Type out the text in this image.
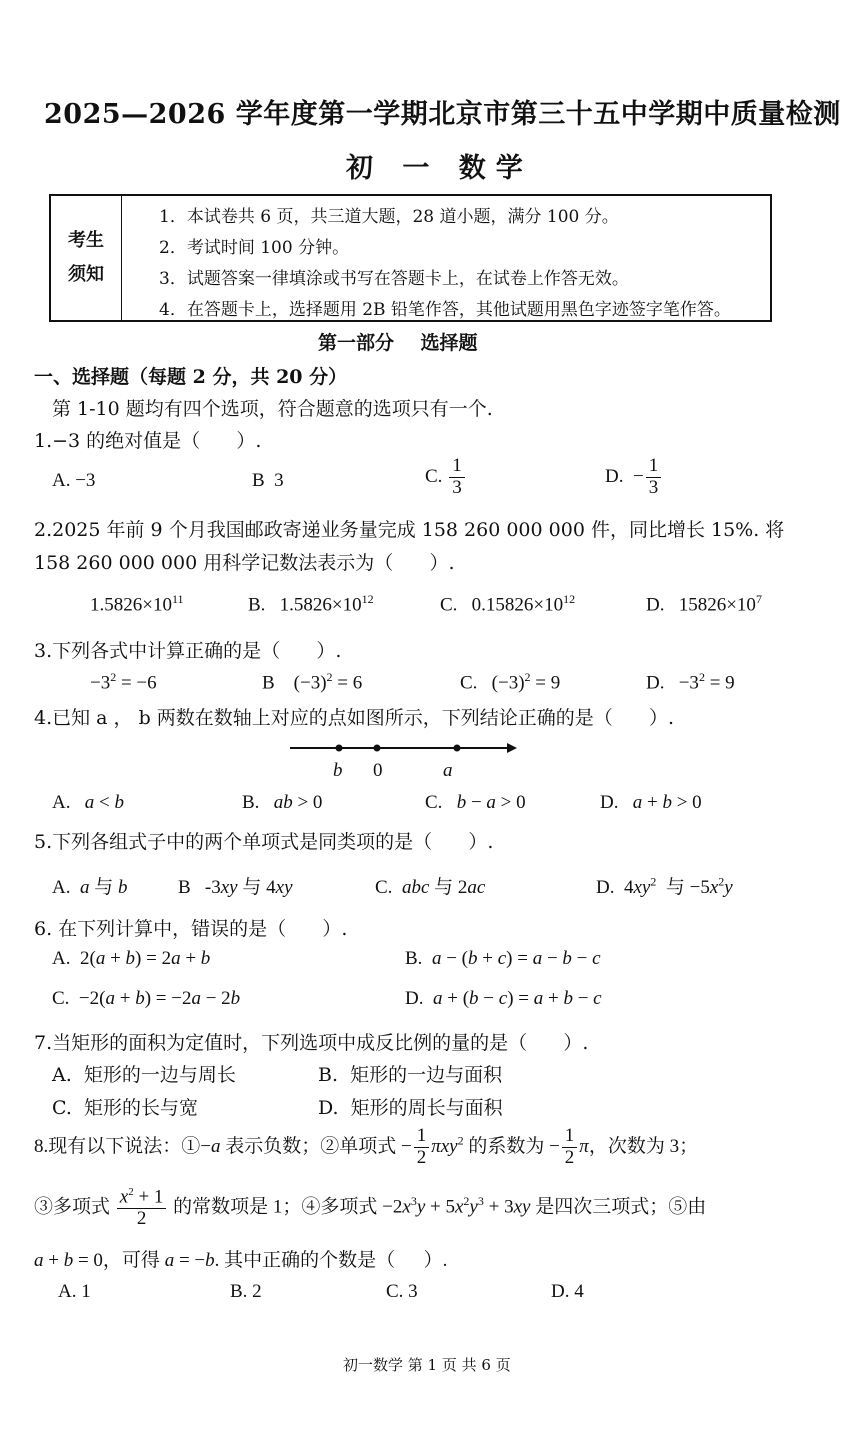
2025—2026 学年度第一学期北京市第三十五中学期中质量检测
初 一 数学
考生
须知
1．本试卷共 6 页，共三道大题，28 道小题，满分 100 分。
2．考试时间 100 分钟。
3．试题答案一律填涂或书写在答题卡上，在试卷上作答无效。
4．在答题卡上，选择题用 2B 铅笔作答，其他试题用黑色字迹签字笔作答。
第一部分    选择题
一、选择题（每题 2 分，共 20 分）
第 1-10 题均有四个选项，符合题意的选项只有一个.
1.−3 的绝对值是（      ）.
A. −3	B  3	C. $\frac{1}{3}$	D.  − $\frac{1}{3}$
2.2025 年前 9 个月我国邮政寄递业务量完成 158 260 000 000 件，同比增长 15%. 将
158 260 000 000 用科学记数法表示为（      ）.
$1.5826\times 10^{11}$	B.   $1.5826\times 10^{12}$	C.   $0.15826\times 10^{12}$	D.   $15826\times 10^7$
3.下列各式中计算正确的是（      ）.
$-3^2 = -6$	B    $(-3)^2 = 6$	C.   $(-3)^2 = 9$	D.   $-3^2 = 9$
4.已知 a ， b 两数在数轴上对应的点如图所示，下列结论正确的是（      ）.
b 0	a
A.   a < b	B.   ab > 0	C.   b − a > 0	D.   a + b > 0
5.下列各组式子中的两个单项式是同类项的是（      ）.
A.  a 与 b	B   -3xy 与 4xy	C.  abc 与 2ac	D.  $4xy^2$  与 $-5x^2y$
6. 在下列计算中，错误的是（      ）.
A.  2(a + b) = 2a + b	B.  a − (b + c) = a − b − c
C.  −2(a + b) = −2a − 2b	D.  a + (b − c) = a + b − c
7.当矩形的面积为定值时，下列选项中成反比例的量的是（      ）.
A.  矩形的一边与周长	B.  矩形的一边与面积
C.  矩形的长与宽	D.  矩形的周长与面积
8.现有以下说法：①−a 表示负数；②单项式 − $\frac{1}{2} \pi xy^2$ 的系数为 − $\frac{1}{2}$ π，次数为 3；
③多项式 $\frac{x^2 + 1}{2}$ 的常数项是 1；④多项式 $-2x^3y + 5x^2y^3 + 3xy$ 是四次三项式；⑤由
a + b = 0，可得 a = −b. 其中正确的个数是（      ）.
A. 1	B. 2	C. 3	D. 4
初一数学 第 1 页 共 6 页
